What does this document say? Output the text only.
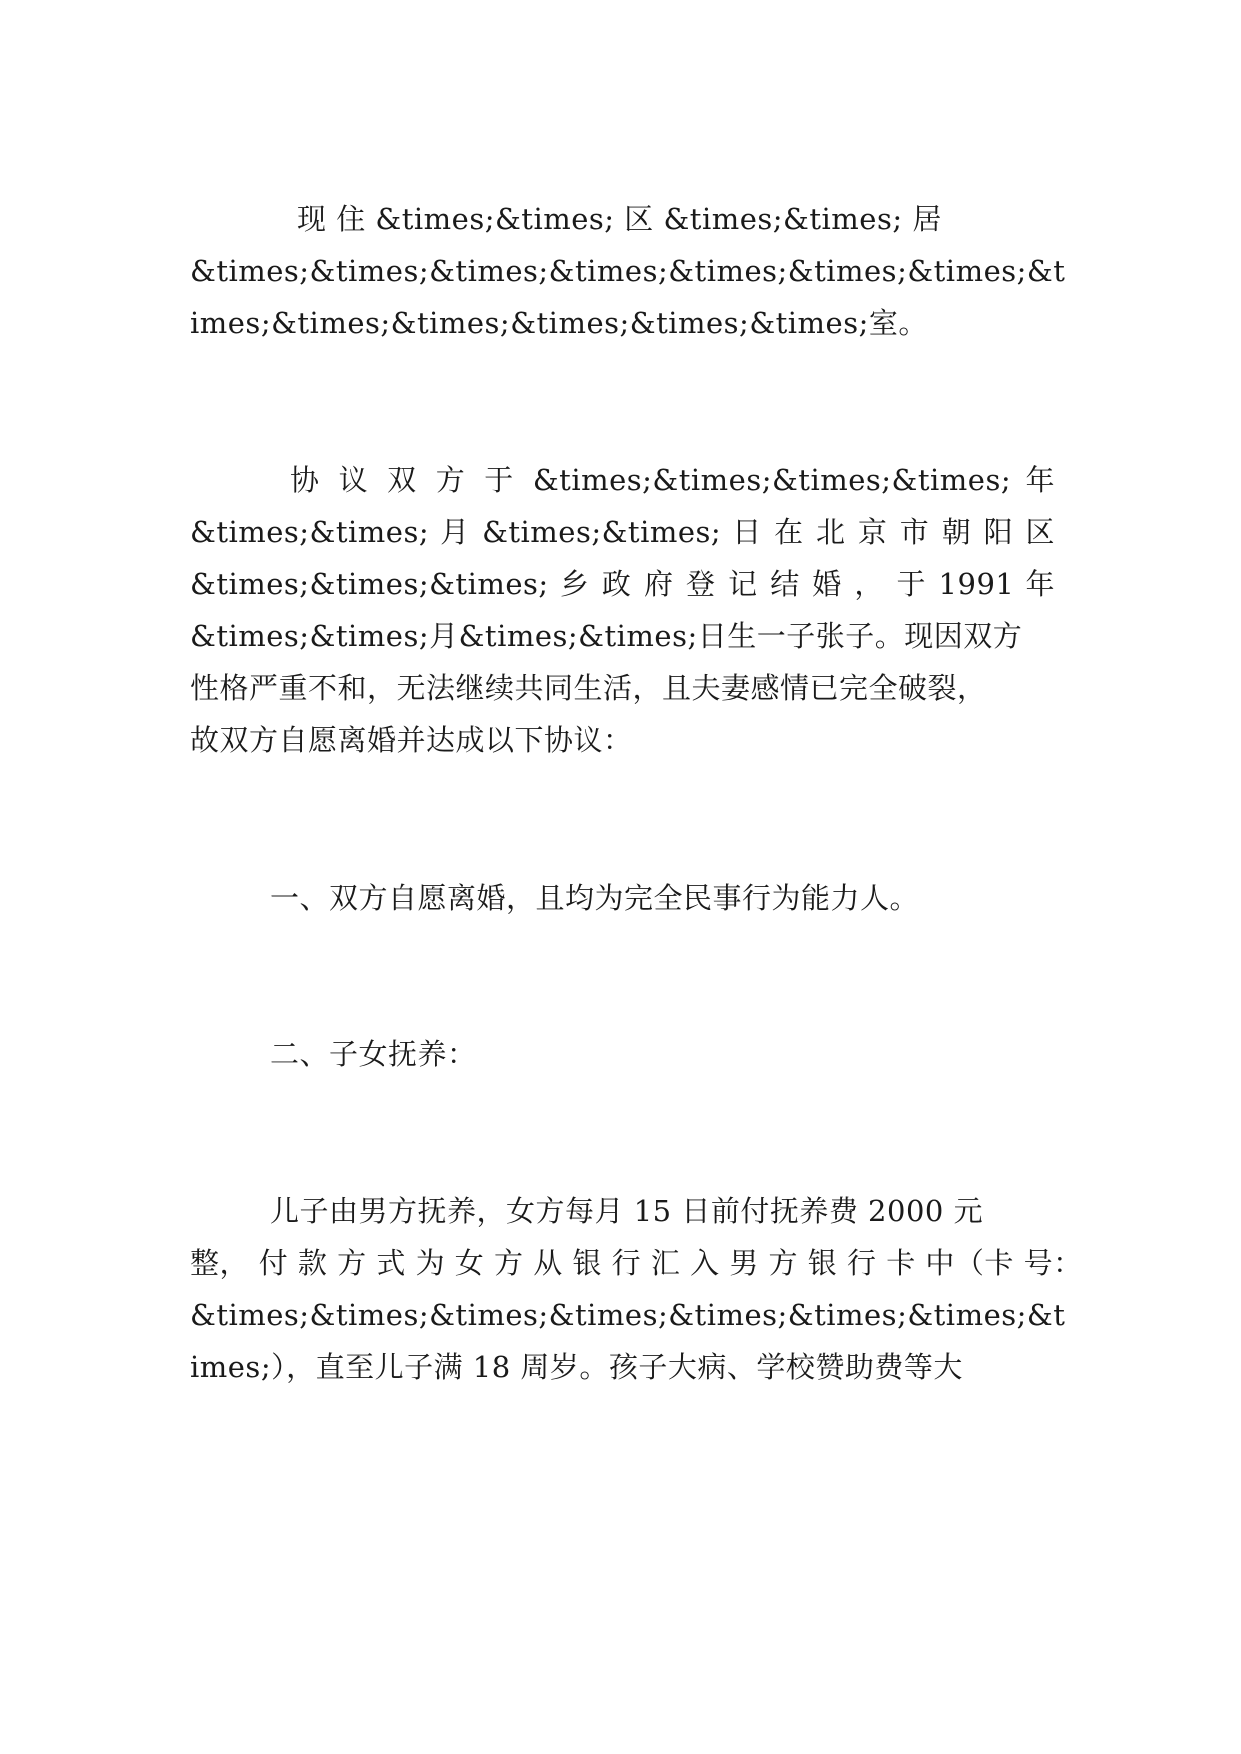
现 住 &times;&times; 区 &times;&times; 居
&times;&times;&times;&times;&times;&times;&times;&t
imes;&times;&times;&times;&times;&times;室。
协 议 双 方 于 &times;&times;&times;&times; 年
&times;&times; 月 &times;&times; 日 在 北 京 市 朝 阳 区
&times;&times;&times; 乡 政 府 登 记 结 婚 ， 于 1991 年
&times;&times;月&times;&times;日生一子张子。现因双方
性格严重不和，无法继续共同生活，且夫妻感情已完全破裂，
故双方自愿离婚并达成以下协议：
一、双方自愿离婚，且均为完全民事行为能力人。
二、子女抚养：
儿子由男方抚养，女方每月 15 日前付抚养费 2000 元
整， 付 款 方 式 为 女 方 从 银 行 汇 入 男 方 银 行 卡 中（卡 号：
&times;&times;&times;&times;&times;&times;&times;&t
imes;），直至儿子满 18 周岁。孩子大病、学校赞助费等大
